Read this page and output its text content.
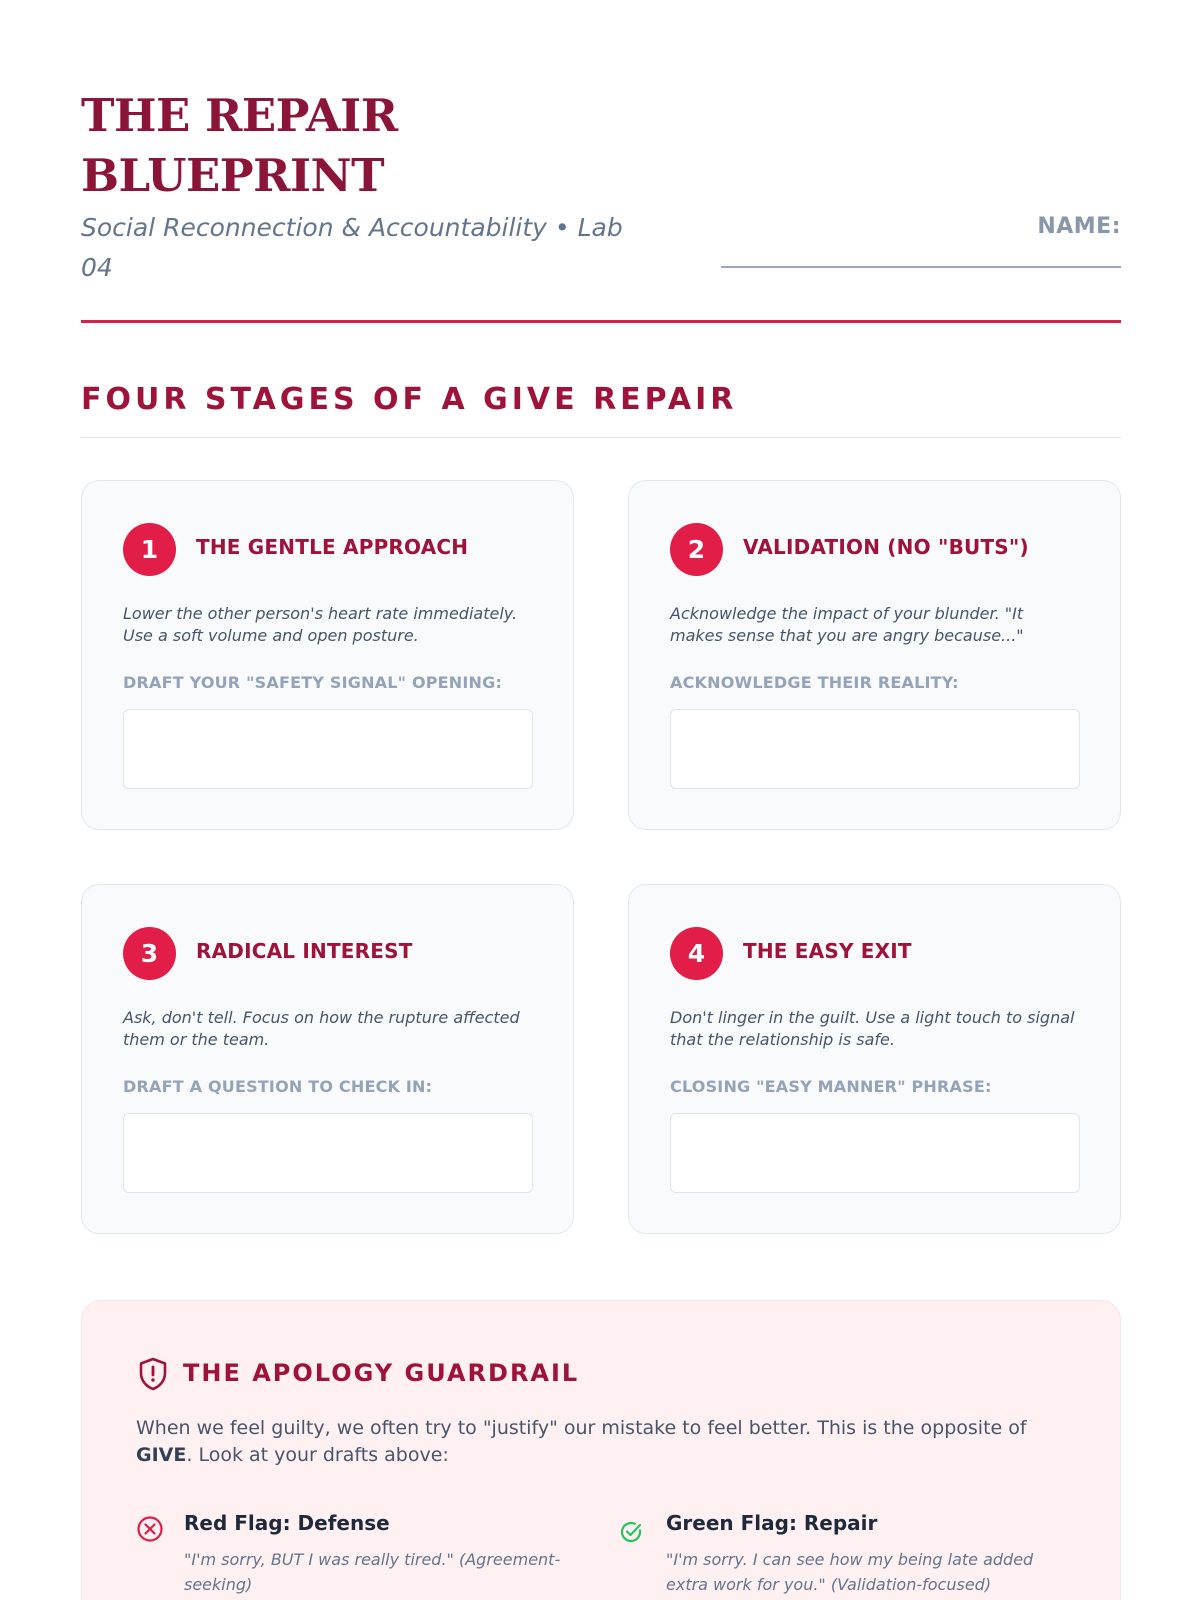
THE REPAIR BLUEPRINT
Social Reconnection & Accountability • Lab 04
NAME:
FOUR STAGES OF A GIVE REPAIR
1	THE GENTLE APPROACH
Lower the other person's heart rate immediately. Use a soft volume and open posture.
DRAFT YOUR "SAFETY SIGNAL" OPENING:
2	VALIDATION (NO "BUTS")
Acknowledge the impact of your blunder. "It makes sense that you are angry because..."
ACKNOWLEDGE THEIR REALITY:
3	RADICAL INTEREST
Ask, don't tell. Focus on how the rupture affected them or the team.
DRAFT A QUESTION TO CHECK IN:
4	THE EASY EXIT
Don't linger in the guilt. Use a light touch to signal that the relationship is safe.
CLOSING "EASY MANNER" PHRASE:
THE APOLOGY GUARDRAIL
When we feel guilty, we often try to "justify" our mistake to feel better. This is the opposite of GIVE. Look at your drafts above:
Red Flag: Defense
"I'm sorry, BUT I was really tired." (Agreement-seeking)
Green Flag: Repair
"I'm sorry. I can see how my being late added extra work for you." (Validation-focused)
